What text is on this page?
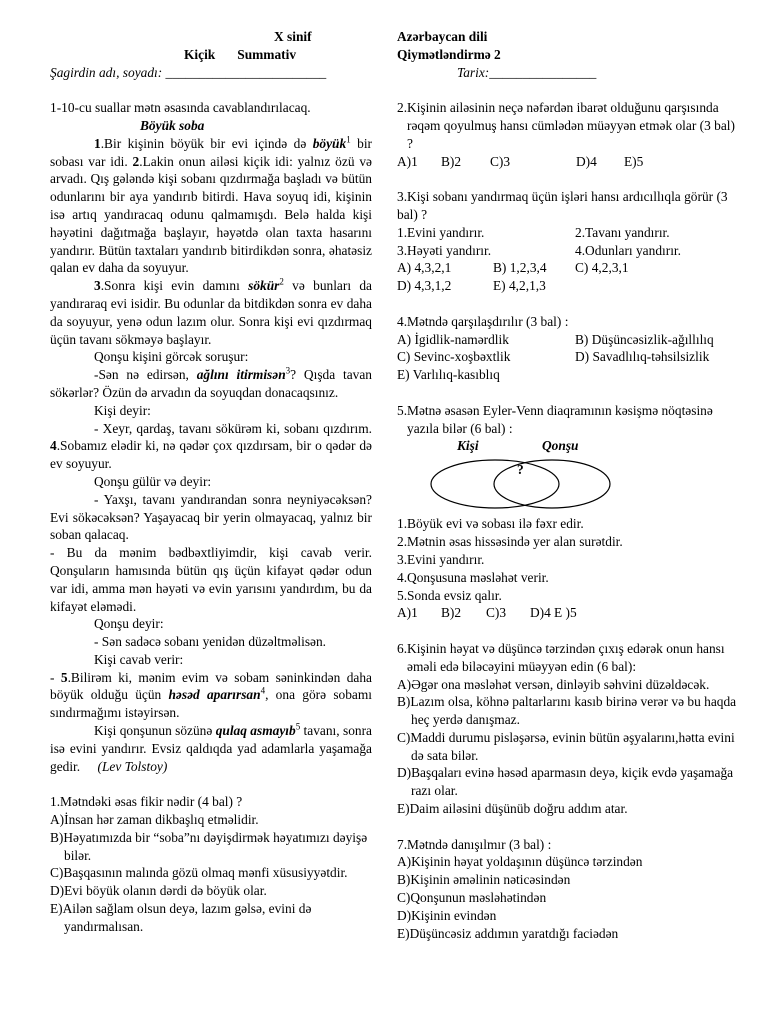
X sinif
Kiçik Summativ
Şagirdin adı, soyadı: ________________________
1-10-cu suallar mətn əsasında cavablandırılacaq.

Böyük soba

1.Bir kişinin böyük bir evi içində də böyük$^1$ bir sobası var idi. 2.Lakin onun ailəsi kiçik idi: yalnız özü və arvadı. Qış gələndə kişi sobanı qızdırmağa başladı və bütün odunlarını bir aya yandırıb bitirdi. Hava soyuq idi, kişinin isə artıq yandıracaq odunu qalmamışdı. Belə halda kişi həyətini dağıtmağa başlayır, həyətdə olan taxta hasarını yandırır. Bütün taxtaları yandırıb bitirdikdən sonra, əhatəsiz qalan ev daha da soyuyur.

3.Sonra kişi evin damını sökür$^2$ və bunları da yandıraraq evi isidir. Bu odunlar da bitdikdən sonra ev daha da soyuyur, yenə odun lazım olur. Sonra kişi evi qızdırmaq üçün tavanı sökməyə başlayır.

Qonşu kişini görcək soruşur:

-Sən nə edirsən, ağlını itirmisən$^3$? Qışda tavan sökərlər? Özün də arvadın da soyuqdan donacaqsınız.

Kişi deyir:

- Xeyr, qardaş, tavanı sökürəm ki, sobanı qızdırım. 4.Sobamız elədir ki, nə qədər çox qızdırsam, bir o qədər də ev soyuyur.

Qonşu gülür və deyir:

- Yaxşı, tavanı yandırandan sonra neyniyəcəksən? Evi sökəcəksən? Yaşayacaq bir yerin olmayacaq, yalnız bir soban qalacaq.

- Bu da mənim bədbəxtliyimdir, kişi cavab verir. Qonşuların hamısında bütün qış üçün kifayət qədər odun var idi, amma mən həyəti və evin yarısını yandırdım, bu da kifayət eləmədi.

Qonşu deyir:

- Sən sadəcə sobanı yenidən düzəltməlisən.

Kişi cavab verir:

- 5.Bilirəm ki, mənim evim və sobam səninkindən daha böyük olduğu üçün həsəd aparırsan$^4$, ona görə sobamı sındırmağımı istəyirsən.

Kişi qonşunun sözünə qulaq asmayıb$^5$ tavanı, sonra isə evini yandırır. Evsiz qaldıqda yad adamlarla yaşamağa gedir. (Lev Tolstoy)

1.Mətndəki əsas fikir nədir (4 bal) ?

A)İnsan hər zaman dikbaşlıq etməlidir.

B)Həyatımızda bir “soba”nı dəyişdirmək həyatımızı dəyişə bilər.

C)Başqasının malında gözü olmaq mənfi xüsusiyyətdir.

D)Evi böyük olanın dərdi də böyük olar.

E)Ailən sağlam olsun deyə, lazım gəlsə, evini də yandırmalısan.

Azərbaycan dili
Qiymətləndirmə 2
Tarix:________________

2.Kişinin ailəsinin neçə nəfərdən ibarət olduğunu qarşısında rəqəm qoyulmuş hansı cümlədən müəyyən etmək olar (3 bal) ?

A)1	B)2	C)3	D)4	E)5

3.Kişi sobanı yandırmaq üçün işləri hansı ardıcıllıqla görür (3 bal) ?

1.Evini yandırır.	2.Tavanı yandırır.
3.Həyəti yandırır.	4.Odunları yandırır.
A) 4,3,2,1	B) 1,2,3,4	C) 4,2,3,1
D) 4,3,1,2	E) 4,2,1,3

4.Mətndə qarşılaşdırılır (3 bal) :

A) İgidlik-namərdlik	B) Düşüncəsizlik-ağıllılıq
C) Sevinc-xoşbəxtlik	D) Savadlılıq-təhsilsizlik
E) Varlılıq-kasıblıq

5.Mətnə əsasən Eyler-Venn diaqramının kəsişmə nöqtəsinə yazıla bilər (6 bal) :

Kişi	Qonşu
?

1.Böyük evi və sobası ilə fəxr edir.

2.Mətnin əsas hissəsində yer alan surətdir.

3.Evini yandırır.

4.Qonşusuna məsləhət verir.

5.Sonda evsiz qalır.

A)1	B)2	C)3	D)4 E )5

6.Kişinin həyat və düşüncə tərzindən çıxış edərək onun hansı əməli edə biləcəyini müəyyən edin (6 bal):

A)Əgər ona məsləhət versən, dinləyib səhvini düzəldəcək.

B)Lazım olsa, köhnə paltarlarını kasıb birinə verər və bu haqda heç yerdə danışmaz.

C)Maddi durumu pisləşərsə, evinin bütün əşyalarını,hətta evini də sata bilər.

D)Başqaları evinə həsəd aparmasın deyə, kiçik evdə yaşamağa razı olar.

E)Daim ailəsini düşünüb doğru addım atar.

7.Mətndə danışılmır (3 bal) :

A)Kişinin həyat yoldaşının düşüncə tərzindən

B)Kişinin əməlinin nəticəsindən

C)Qonşunun məsləhətindən

D)Kişinin evindən

E)Düşüncəsiz addımın yaratdığı faciədən
